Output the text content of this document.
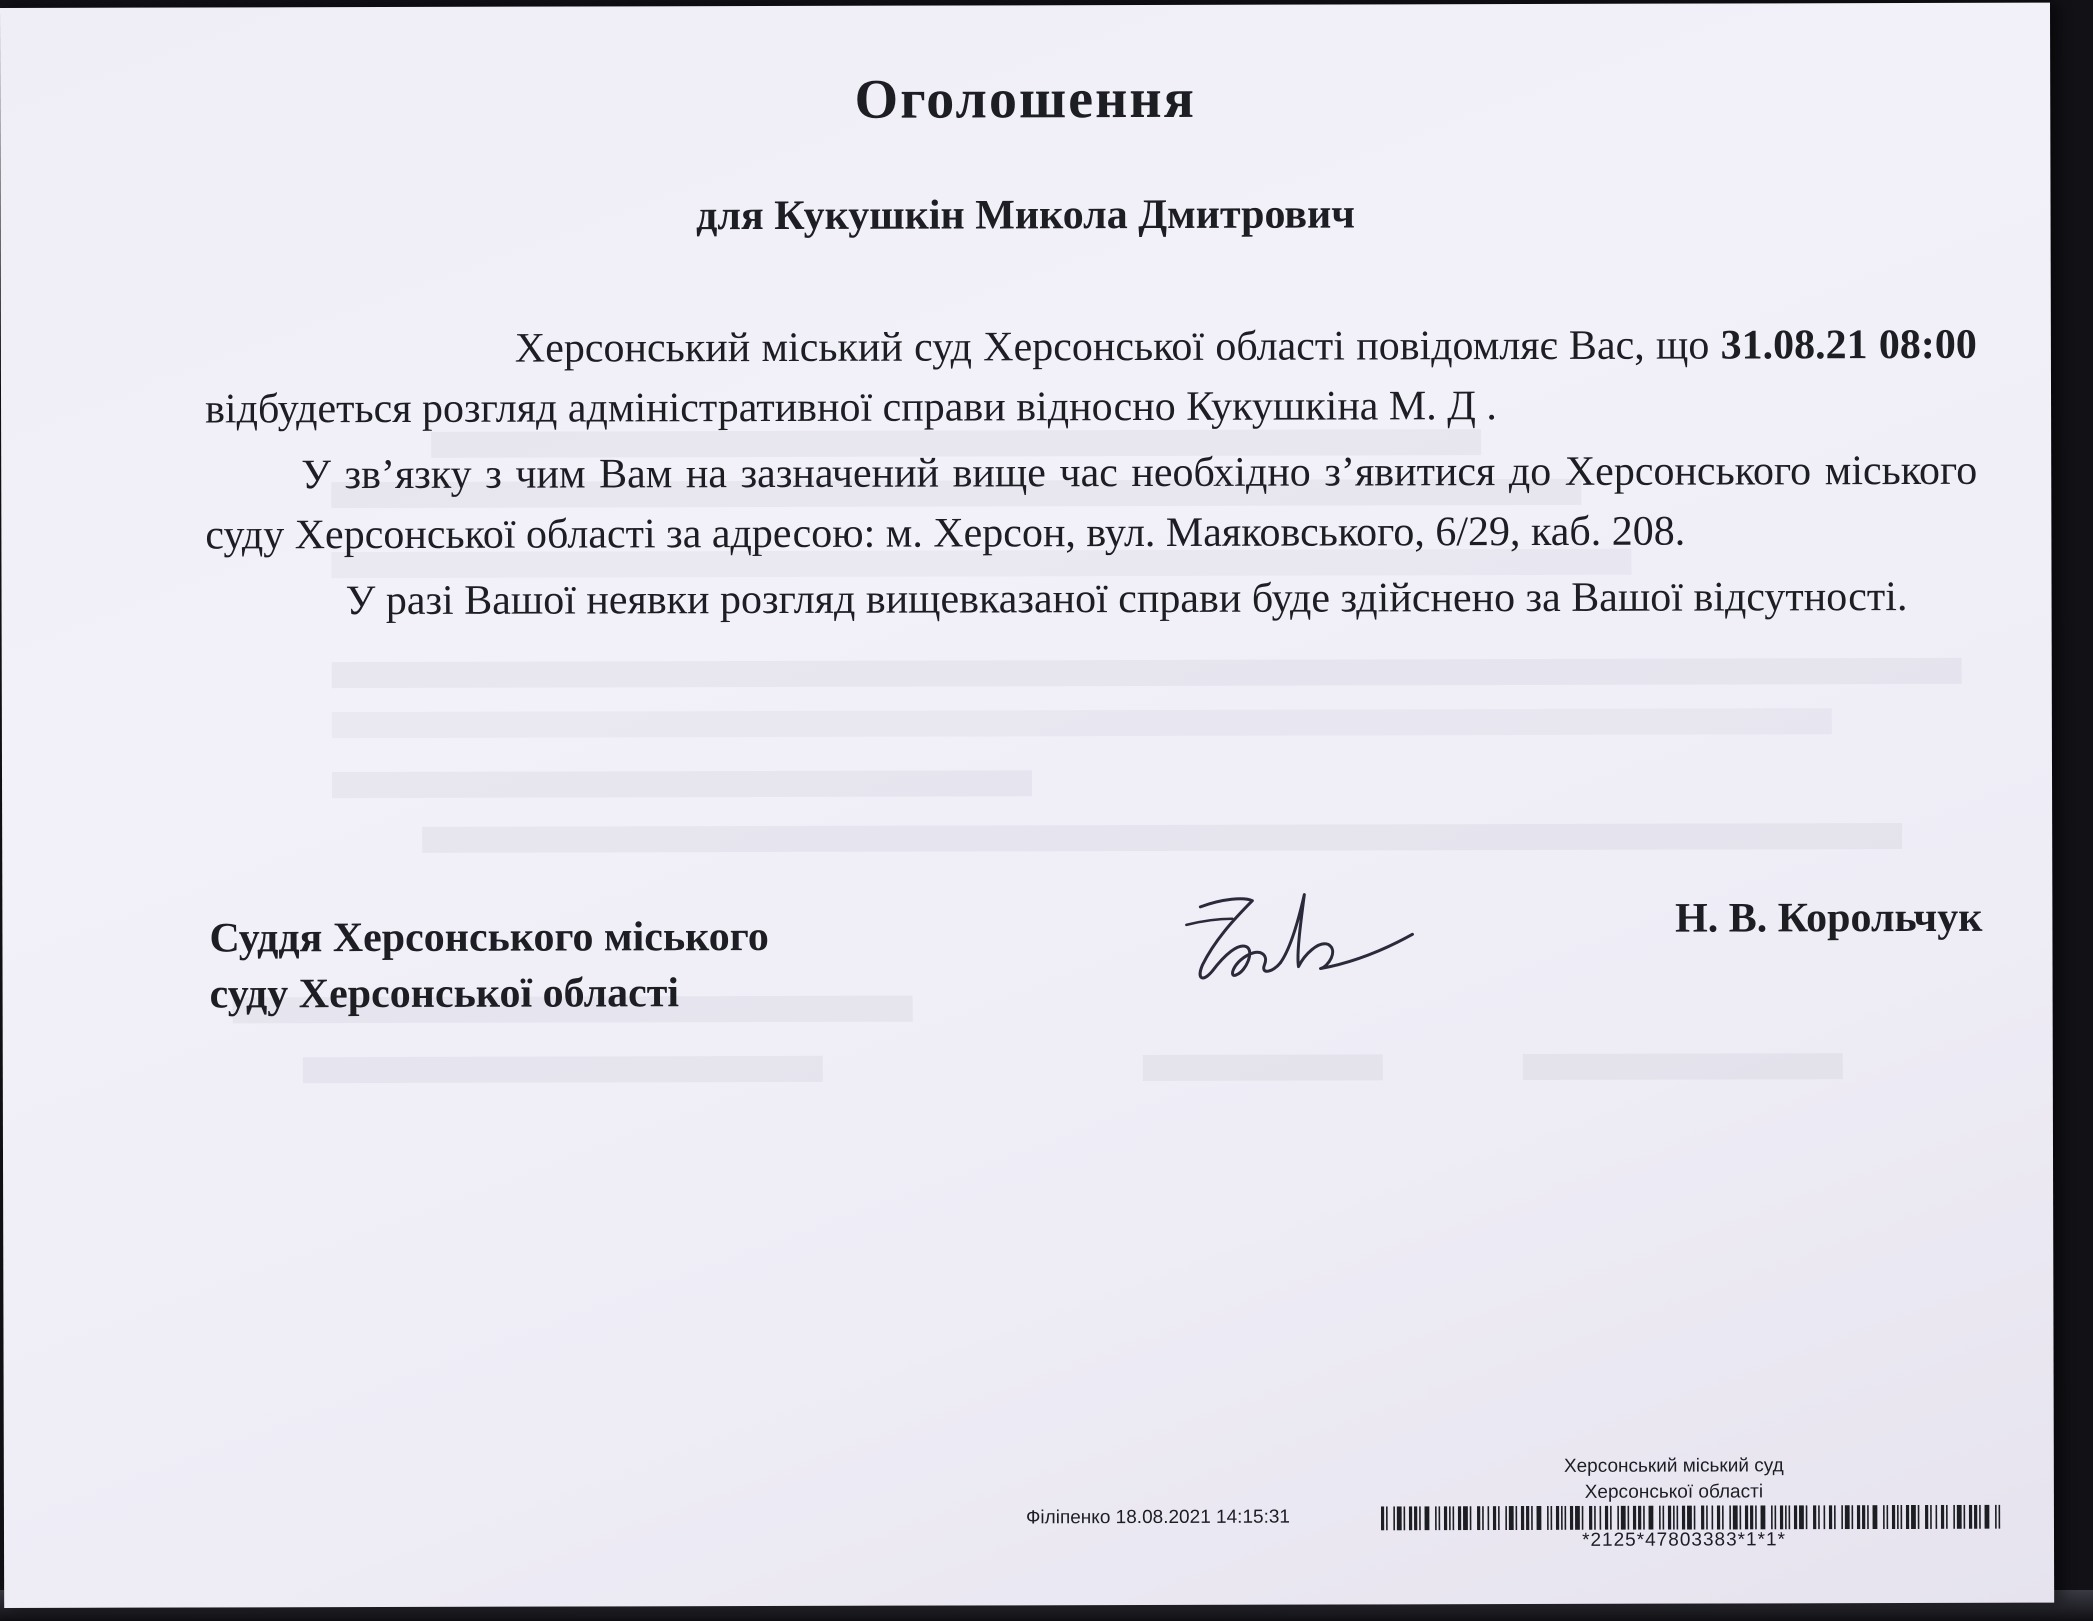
Оголошення
для Кукушкін Микола Дмитрович

Херсонський міський суд Херсонської області повідомляє Вас, що 31.08.21 08:00 відбудеться розгляд адміністративної справи відносно Кукушкіна М. Д .

У зв’язку з чим Вам на зазначений вище час необхідно з’явитися до Херсонського міського суду Херсонської області за адресою: м. Херсон, вул. Маяковського, 6/29, каб. 208.

У разі Вашої неявки розгляд вищевказаної справи буде здійснено за Вашої відсутності.

Суддя Херсонського міського
суду Херсонської області
Н. В. Корольчук
Херсонський міський суд
Херсонської області
Філіпенко 18.08.2021 14:15:31
*2125*47803383*1*1*
